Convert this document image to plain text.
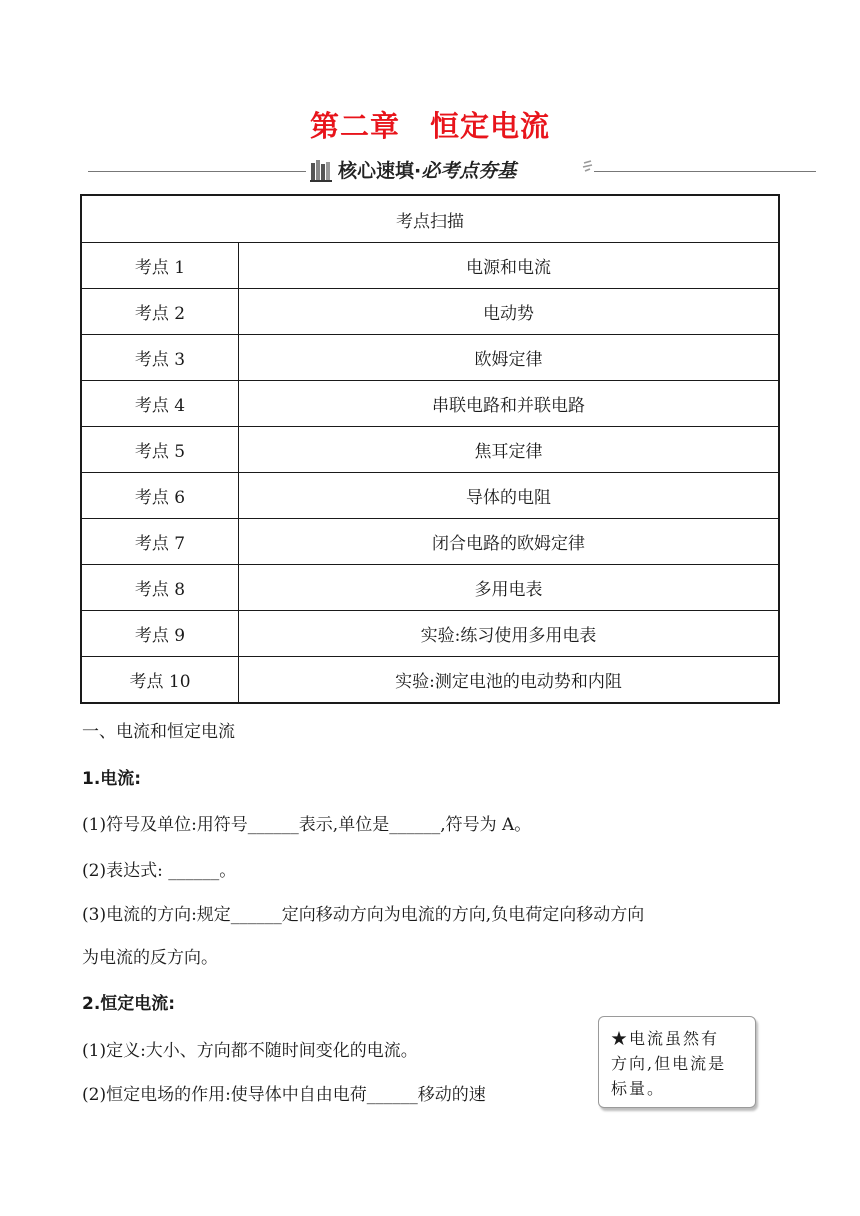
第二章　恒定电流
核心速填·必考点夯基
考点扫描	
考点 1	电源和电流
考点 2	电动势
考点 3	欧姆定律
考点 4	串联电路和并联电路
考点 5	焦耳定律
考点 6	导体的电阻
考点 7	闭合电路的欧姆定律
考点 8	多用电表
考点 9	实验:练习使用多用电表
考点 10	实验:测定电池的电动势和内阻
一、电流和恒定电流
1.电流:
(1)符号及单位:用符号______表示,单位是______,符号为 A。
(2)表达式: ______。
(3)电流的方向:规定______定向移动方向为电流的方向,负电荷定向移动方向
为电流的反方向。
2.恒定电流:
(1)定义:大小、方向都不随时间变化的电流。
(2)恒定电场的作用:使导体中自由电荷______移动的速
★电流虽然有
方向,但电流是
标量。
